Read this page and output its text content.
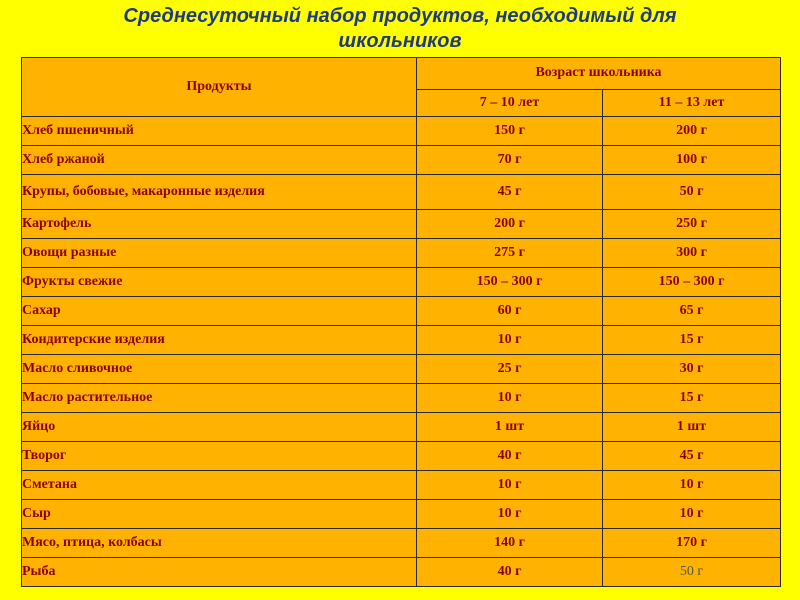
Среднесуточный набор продуктов, необходимый для школьников
Продукты	Возраст школьника	
	7 – 10 лет	11 – 13 лет
Хлеб пшеничный	150 г	200 г
Хлеб ржаной	70 г	100 г
Крупы, бобовые, макаронные изделия	45 г	50 г
Картофель	200 г	250 г
Овощи разные	275 г	300 г
Фрукты свежие	150 – 300 г	150 – 300 г
Сахар	60 г	65 г
Кондитерские изделия	10 г	15 г
Масло сливочное	25 г	30 г
Масло растительное	10 г	15 г
Яйцо	1 шт	1 шт
Творог	40 г	45 г
Сметана	10 г	10 г
Сыр	10 г	10 г
Мясо, птица, колбасы	140 г	170 г
Рыба	40 г	50 г
